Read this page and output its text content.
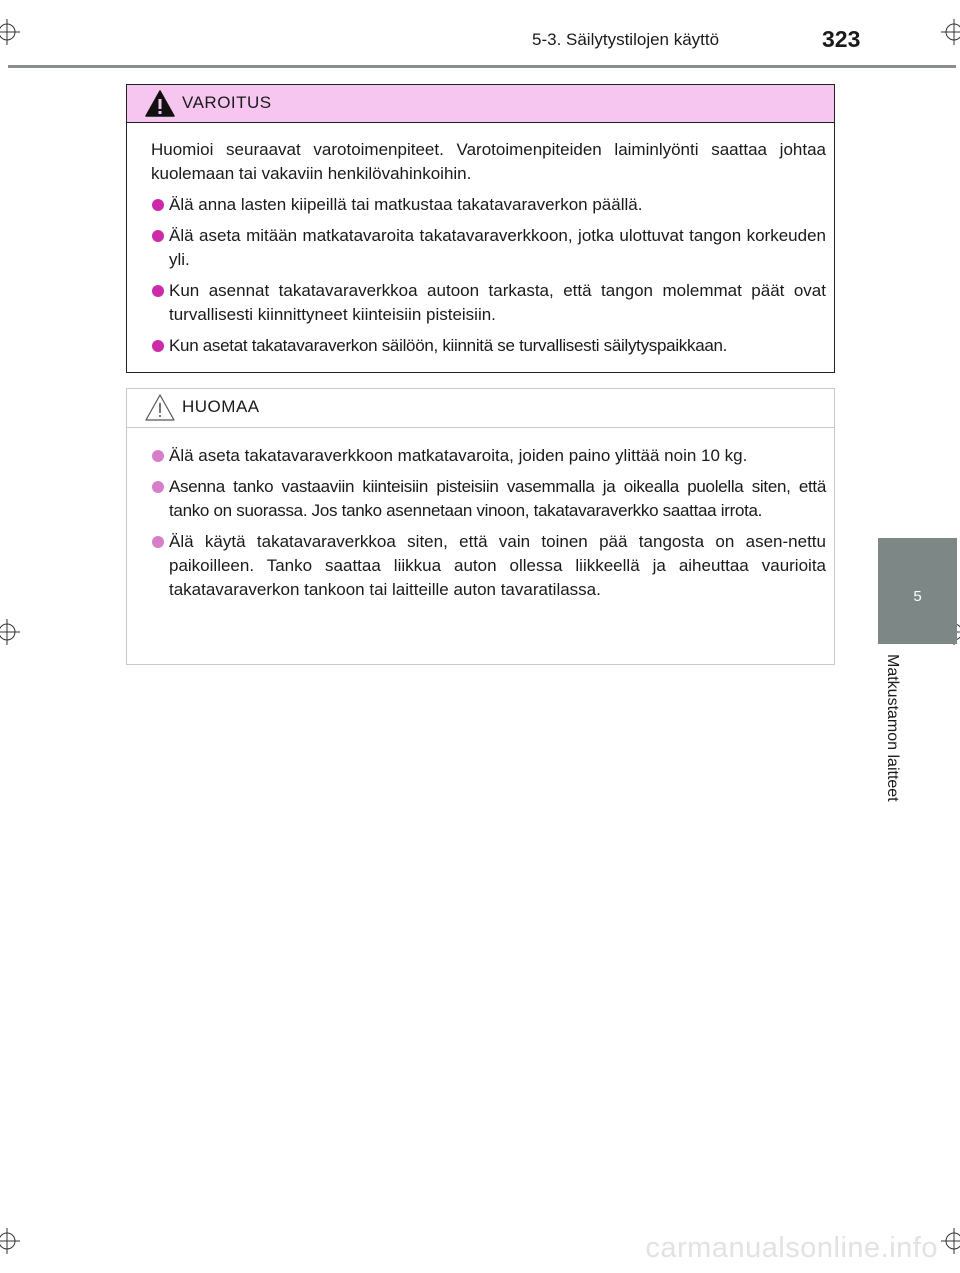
5-3. Säilytystilojen käyttö	323
5
Matkustamon laitteet
VAROITUS
Huomioi seuraavat varotoimenpiteet. Varotoimenpiteiden laiminlyönti saattaa johtaa kuolemaan tai vakaviin henkilövahinkoihin.
Älä anna lasten kiipeillä tai matkustaa takatavaraverkon päällä.
Älä aseta mitään matkatavaroita takatavaraverkkoon, jotka ulottuvat tangon korkeuden yli.
Kun asennat takatavaraverkkoa autoon tarkasta, että tangon molemmat päät ovat turvallisesti kiinnittyneet kiinteisiin pisteisiin.
Kun asetat takatavaraverkon säilöön, kiinnitä se turvallisesti säilytyspaikkaan.
HUOMAA
Älä aseta takatavaraverkkoon matkatavaroita, joiden paino ylittää noin 10 kg.
Asenna tanko vastaaviin kiinteisiin pisteisiin vasemmalla ja oikealla puolella siten, että tanko on suorassa. Jos tanko asennetaan vinoon, takatavaraverkko saattaa irrota.
Älä käytä takatavaraverkkoa siten, että vain toinen pää tangosta on asen-nettu paikoilleen. Tanko saattaa liikkua auton ollessa liikkeellä ja aiheuttaa vaurioita takatavaraverkon tankoon tai laitteille auton tavaratilassa.
carmanualsonline.info
